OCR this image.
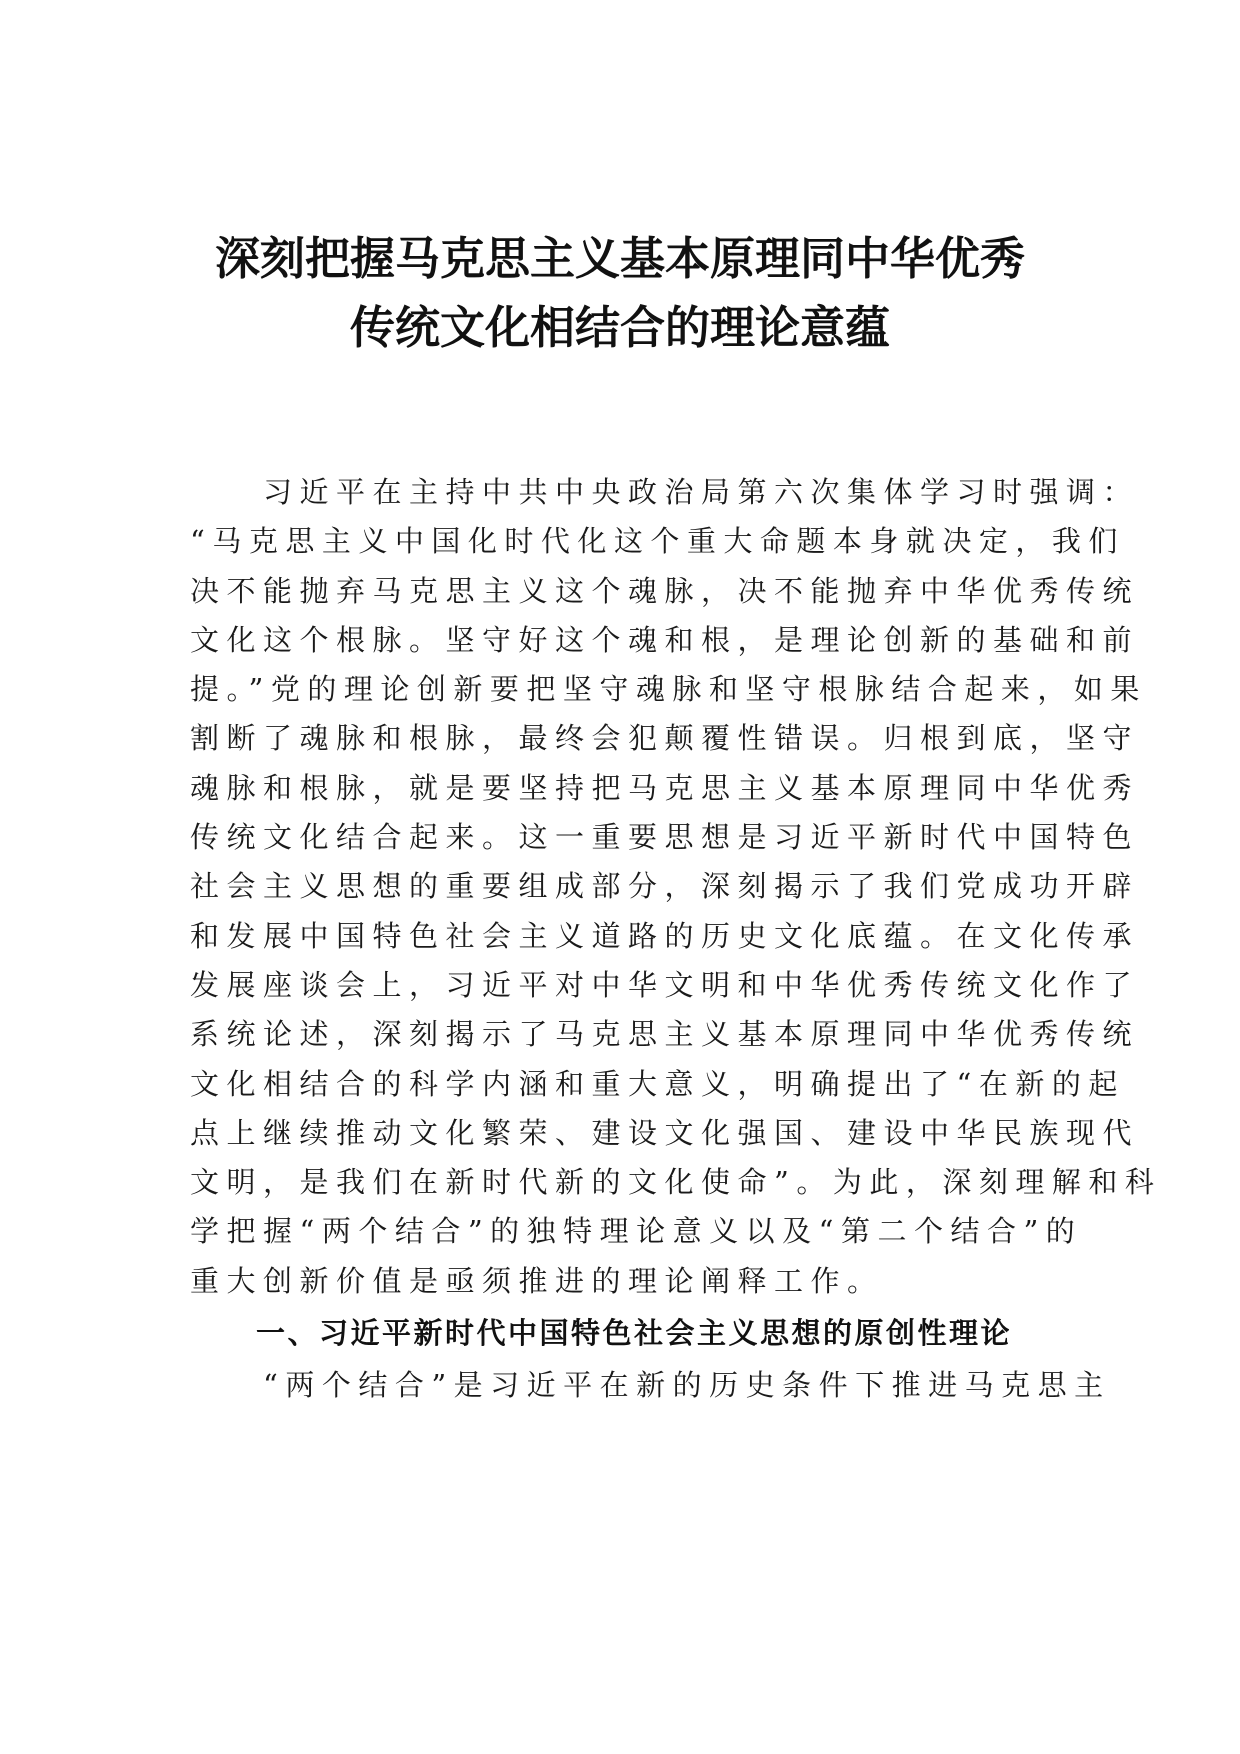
深刻把握马克思主义基本原理同中华优秀
传统文化相结合的理论意蕴
　　习近平在主持中共中央政治局第六次集体学习时强调：
“马克思主义中国化时代化这个重大命题本身就决定，我们
决不能抛弃马克思主义这个魂脉，决不能抛弃中华优秀传统
文化这个根脉。坚守好这个魂和根，是理论创新的基础和前
提。”党的理论创新要把坚守魂脉和坚守根脉结合起来，如果
割断了魂脉和根脉，最终会犯颠覆性错误。归根到底，坚守
魂脉和根脉，就是要坚持把马克思主义基本原理同中华优秀
传统文化结合起来。这一重要思想是习近平新时代中国特色
社会主义思想的重要组成部分，深刻揭示了我们党成功开辟
和发展中国特色社会主义道路的历史文化底蕴。在文化传承
发展座谈会上，习近平对中华文明和中华优秀传统文化作了
系统论述，深刻揭示了马克思主义基本原理同中华优秀传统
文化相结合的科学内涵和重大意义，明确提出了“在新的起
点上继续推动文化繁荣、建设文化强国、建设中华民族现代
文明，是我们在新时代新的文化使命”。为此，深刻理解和科
学把握“两个结合”的独特理论意义以及“第二个结合”的
重大创新价值是亟须推进的理论阐释工作。
一、习近平新时代中国特色社会主义思想的原创性理论
　　“两个结合”是习近平在新的历史条件下推进马克思主
